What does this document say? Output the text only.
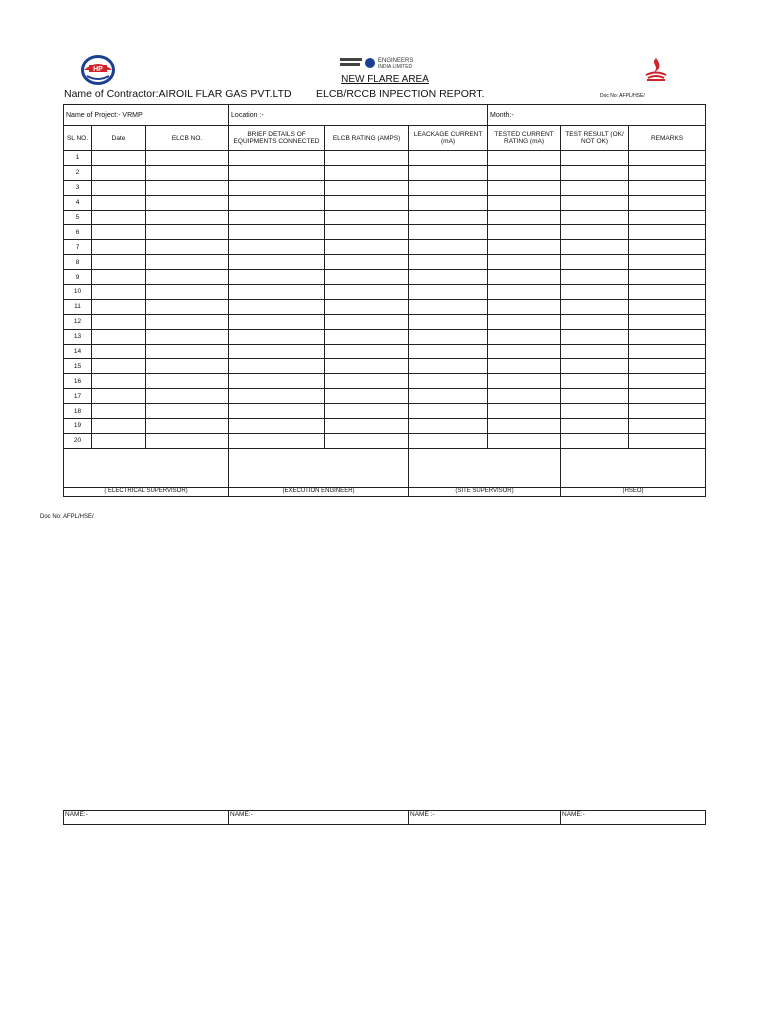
HP
ENGINEERS
INDIA LIMITED
NEW FLARE AREA
Name of Contractor:AIROIL FLAR GAS PVT.LTD ELCB/RCCB INPECTION REPORT.	Doc No: AFPL/HSE/
Name of Project:- VRMP			Location :-			Month:-		
SL NO.	Date	ELCB NO.	BRIEF DETAILS OF EQUIPMENTS CONNECTED	ELCB RATING (AMPS)	LEACKAGE CURRENT (mA)	TESTED CURRENT RATING (mA)	TEST RESULT (OK/ NOT OK)	REMARKS
1								
2								
3								
4								
5								
6								
7								
8								
9								
10								
11								
12								
13								
14								
15								
16								
17								
18								
19								
20								

( ELECTRICAL SUPERVISOR)			(EXECUTION ENGINEER)		(SITE SUPERVISOR)		(HSEO)	
Doc No: AFPL/HSE/
NAME:-	NAME:-	NAME :-	NAME:-
